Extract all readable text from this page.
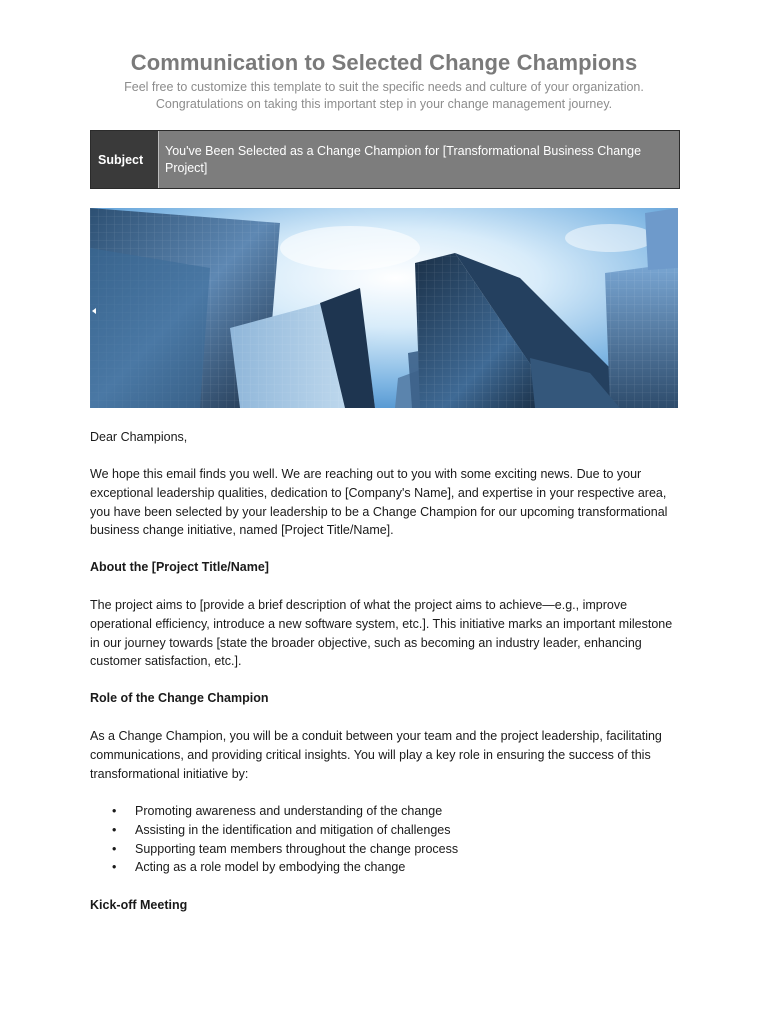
Communication to Selected Change Champions
Feel free to customize this template to suit the specific needs and culture of your organization.
Congratulations on taking this important step in your change management journey.
Subject
You've Been Selected as a Change Champion for [Transformational Business Change Project]
Dear Champions,
We hope this email finds you well. We are reaching out to you with some exciting news. Due to your exceptional leadership qualities, dedication to [Company's Name], and expertise in your respective area, you have been selected by your leadership to be a Change Champion for our upcoming transformational business change initiative, named [Project Title/Name].
About the [Project Title/Name]
The project aims to [provide a brief description of what the project aims to achieve—e.g., improve operational efficiency, introduce a new software system, etc.]. This initiative marks an important milestone in our journey towards [state the broader objective, such as becoming an industry leader, enhancing customer satisfaction, etc.].
Role of the Change Champion
As a Change Champion, you will be a conduit between your team and the project leadership, facilitating communications, and providing critical insights. You will play a key role in ensuring the success of this transformational initiative by:
• Promoting awareness and understanding of the change
• Assisting in the identification and mitigation of challenges
• Supporting team members throughout the change process
• Acting as a role model by embodying the change
Kick-off Meeting
